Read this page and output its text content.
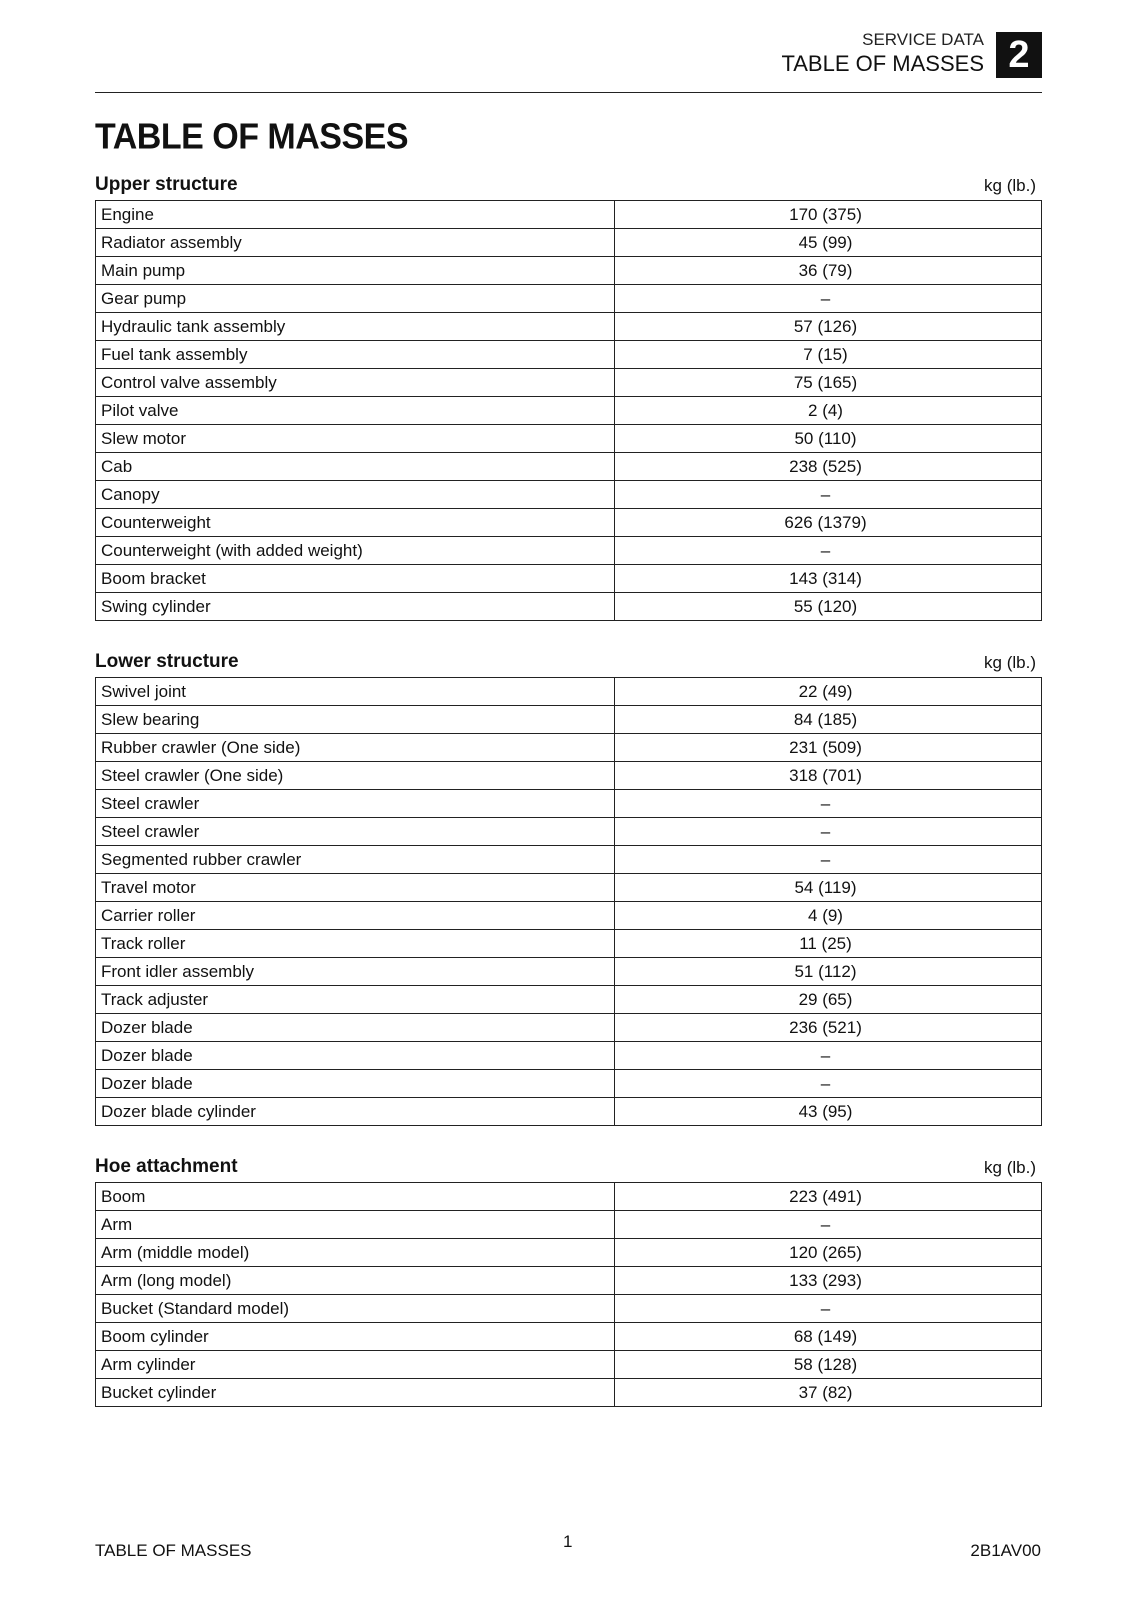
SERVICE DATA
TABLE OF MASSES 2
TABLE OF MASSES
Upper structure	kg (lb.)
Engine	170 (375)
Radiator assembly	45 (99)
Main pump	36 (79)
Gear pump	–
Hydraulic tank assembly	57 (126)
Fuel tank assembly	7 (15)
Control valve assembly	75 (165)
Pilot valve	2 (4)
Slew motor	50 (110)
Cab	238 (525)
Canopy	–
Counterweight	626 (1379)
Counterweight (with added weight)	–
Boom bracket	143 (314)
Swing cylinder	55 (120)
Lower structure	kg (lb.)
Swivel joint	22 (49)
Slew bearing	84 (185)
Rubber crawler (One side)	231 (509)
Steel crawler (One side)	318 (701)
Steel crawler	–
Steel crawler	–
Segmented rubber crawler	–
Travel motor	54 (119)
Carrier roller	4 (9)
Track roller	11 (25)
Front idler assembly	51 (112)
Track adjuster	29 (65)
Dozer blade	236 (521)
Dozer blade	–
Dozer blade	–
Dozer blade cylinder	43 (95)
Hoe attachment	kg (lb.)
Boom	223 (491)
Arm	–
Arm (middle model)	120 (265)
Arm (long model)	133 (293)
Bucket (Standard model)	–
Boom cylinder	68 (149)
Arm cylinder	58 (128)
Bucket cylinder	37 (82)
TABLE OF MASSES	1	2B1AV00
